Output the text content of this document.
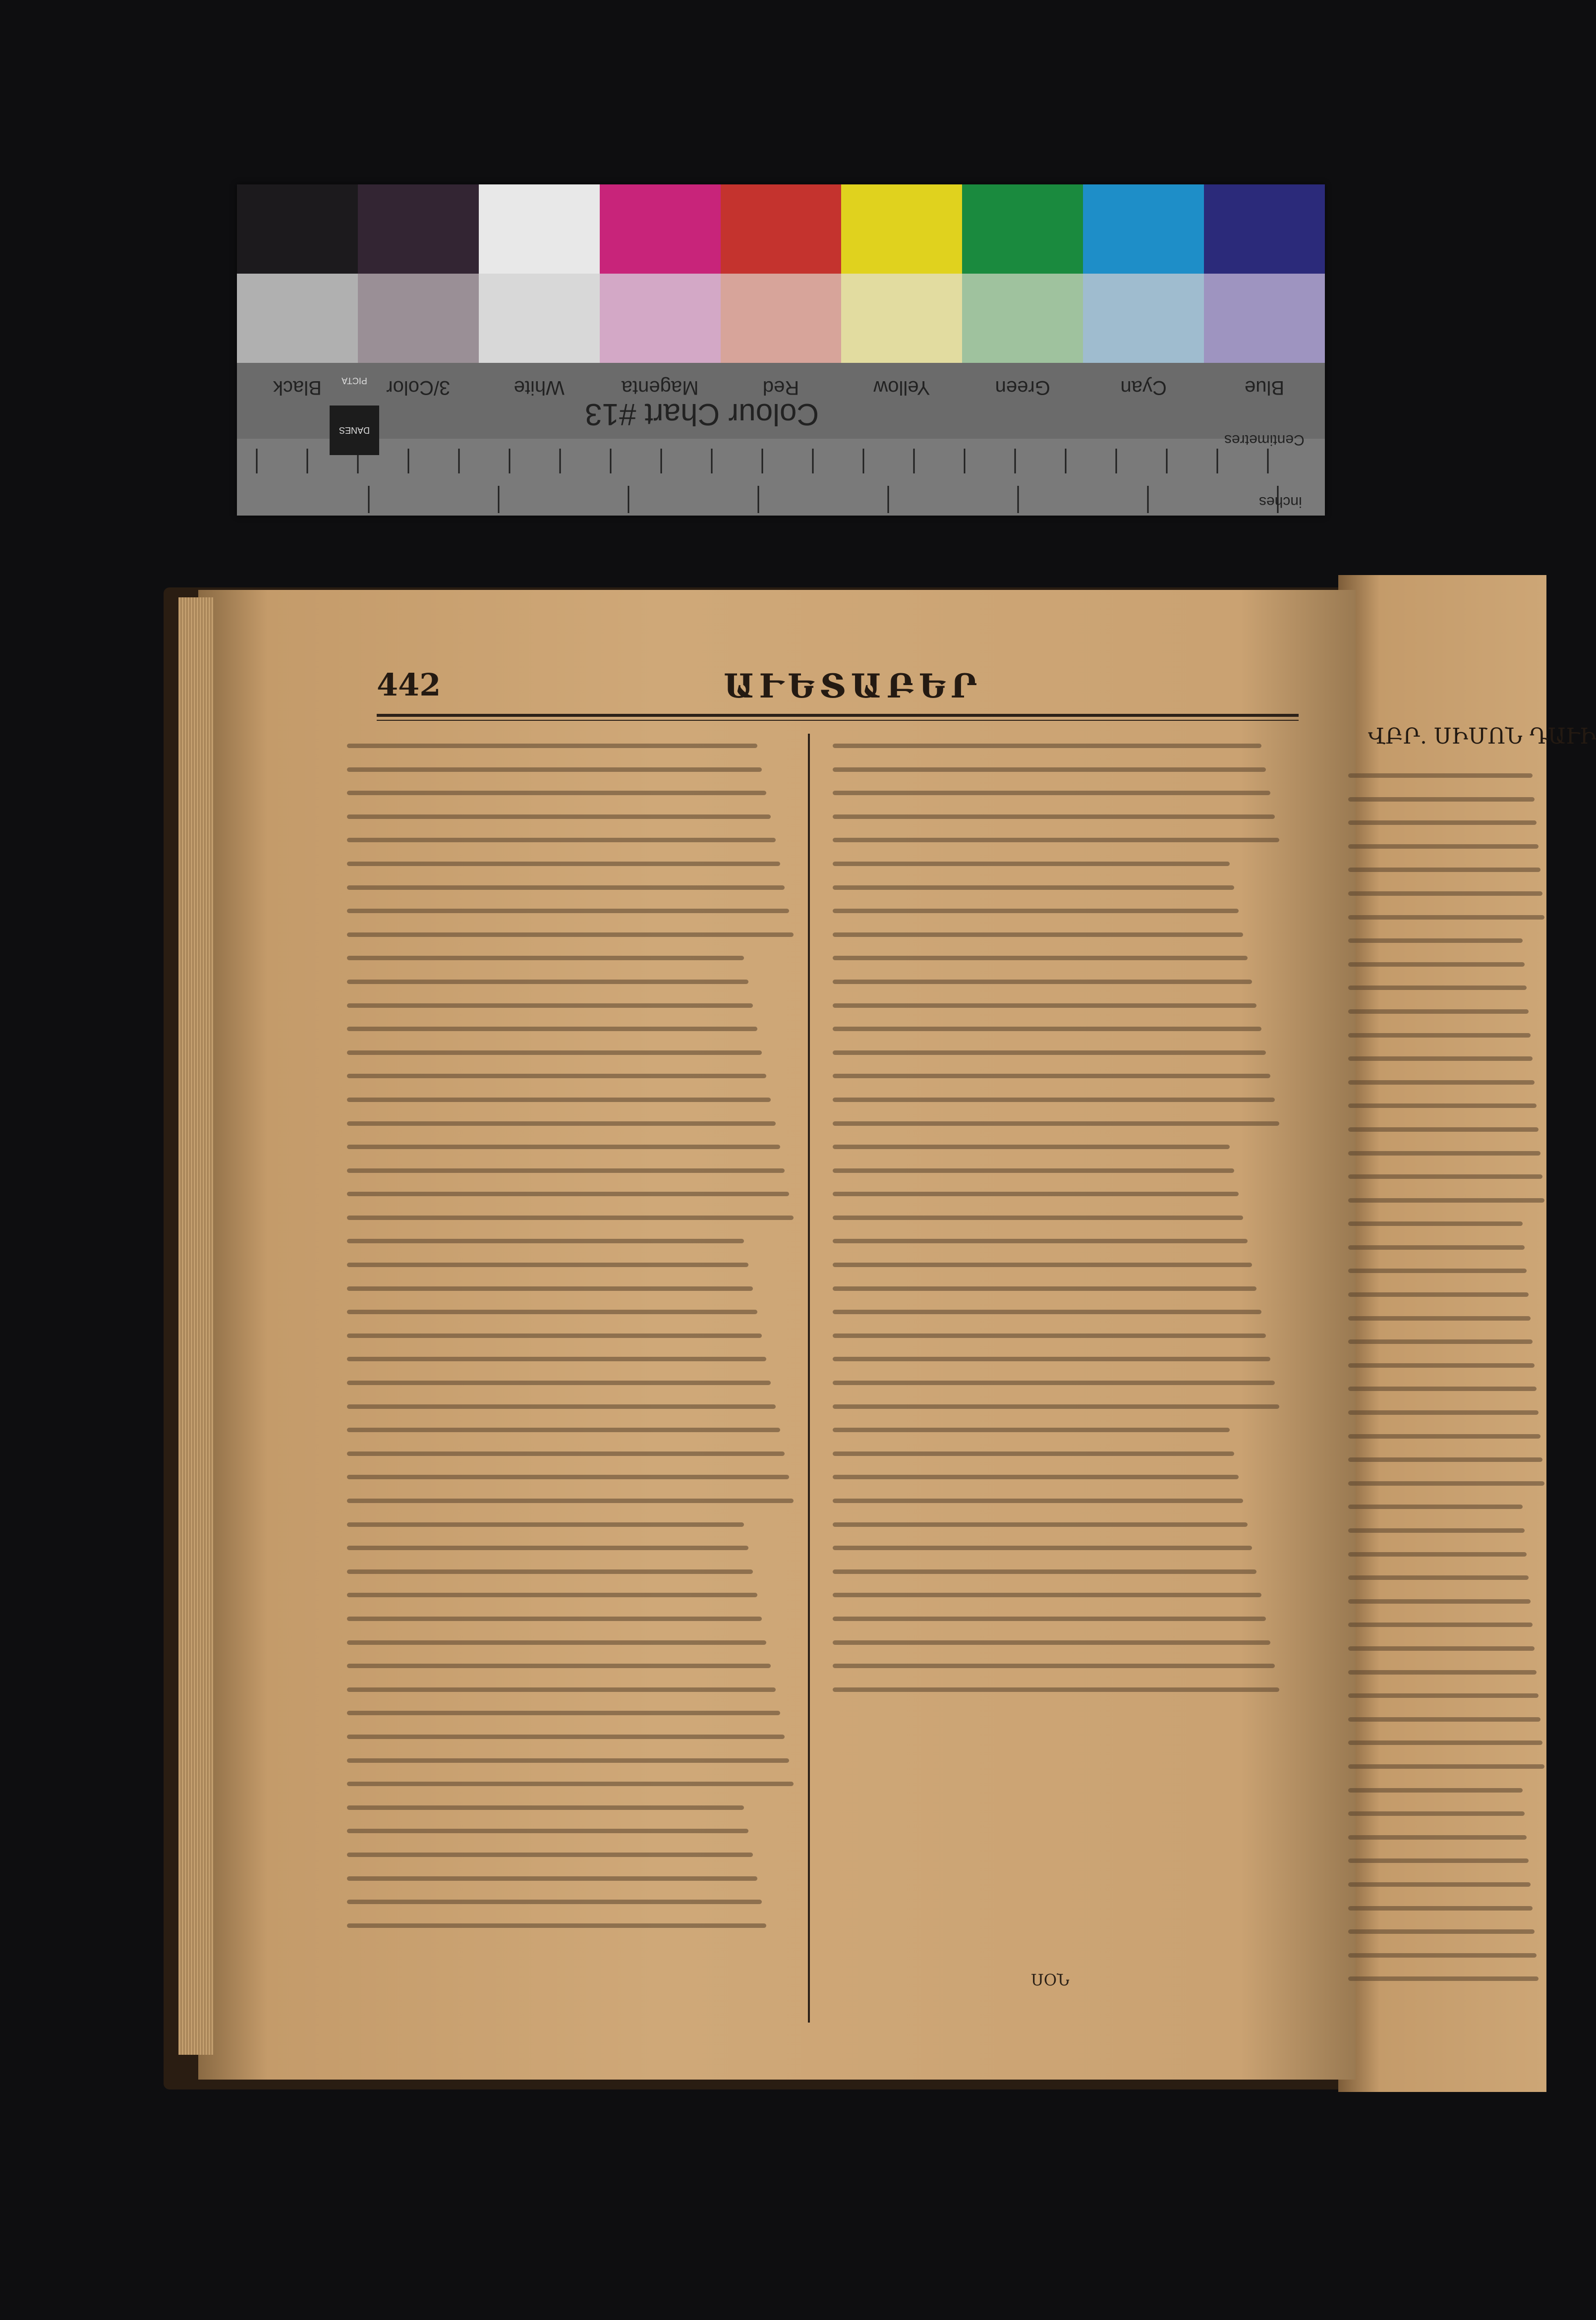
Blue
Cyan
Green
Yellow
Red
Magenta
White
3/Color
Black
Colour Chart #13
DANES PICTA
Centimetres
inches
442	ԱՒԵՏԱԲԵՐ
ՍՕՆ
ՎԲՐ. ՍԻՄՈՆ ԴԱՒԻ
